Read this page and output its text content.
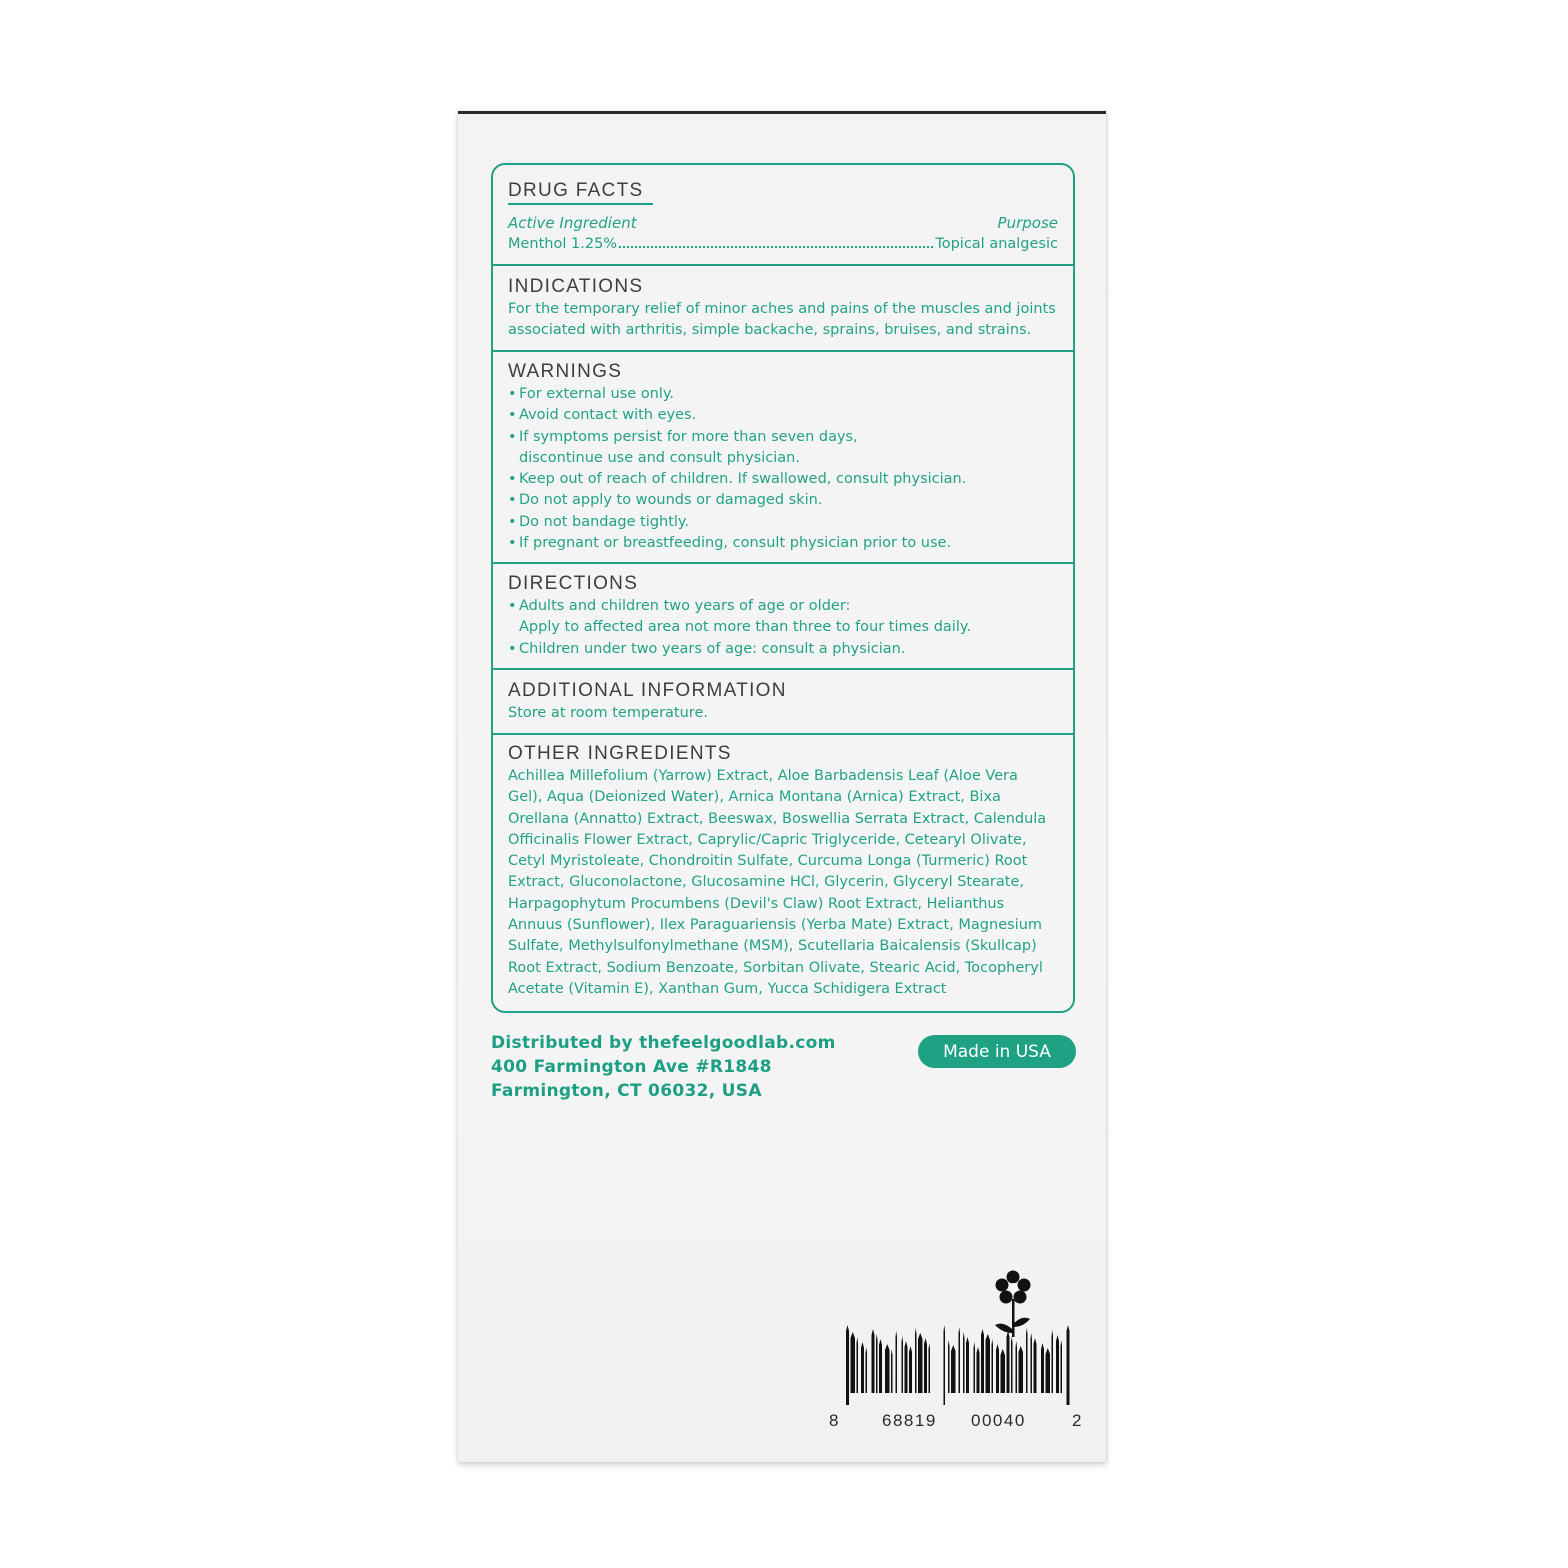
DRUG FACTS
Active Ingredient	Purpose
Menthol 1.25%	Topical analgesic
INDICATIONS
For the temporary relief of minor aches and pains of the muscles and joints
associated with arthritis, simple backache, sprains, bruises, and strains.
WARNINGS
• For external use only.
• Avoid contact with eyes.
• If symptoms persist for more than seven days,
discontinue use and consult physician.
• Keep out of reach of children. If swallowed, consult physician.
• Do not apply to wounds or damaged skin.
• Do not bandage tightly.
• If pregnant or breastfeeding, consult physician prior to use.
DIRECTIONS
• Adults and children two years of age or older:
Apply to affected area not more than three to four times daily.
• Children under two years of age: consult a physician.
ADDITIONAL INFORMATION
Store at room temperature.
OTHER INGREDIENTS
Achillea Millefolium (Yarrow) Extract, Aloe Barbadensis Leaf (Aloe Vera
Gel), Aqua (Deionized Water), Arnica Montana (Arnica) Extract, Bixa
Orellana (Annatto) Extract, Beeswax, Boswellia Serrata Extract, Calendula
Officinalis Flower Extract, Caprylic/Capric Triglyceride, Cetearyl Olivate,
Cetyl Myristoleate, Chondroitin Sulfate, Curcuma Longa (Turmeric) Root
Extract, Gluconolactone, Glucosamine HCl, Glycerin, Glyceryl Stearate,
Harpagophytum Procumbens (Devil's Claw) Root Extract, Helianthus
Annuus (Sunflower), Ilex Paraguariensis (Yerba Mate) Extract, Magnesium
Sulfate, Methylsulfonylmethane (MSM), Scutellaria Baicalensis (Skullcap)
Root Extract, Sodium Benzoate, Sorbitan Olivate, Stearic Acid, Tocopheryl
Acetate (Vitamin E), Xanthan Gum, Yucca Schidigera Extract
Distributed by thefeelgoodlab.com
400 Farmington Ave #R1848
Farmington, CT 06032, USA
Made in USA
8 68819 00040	2
